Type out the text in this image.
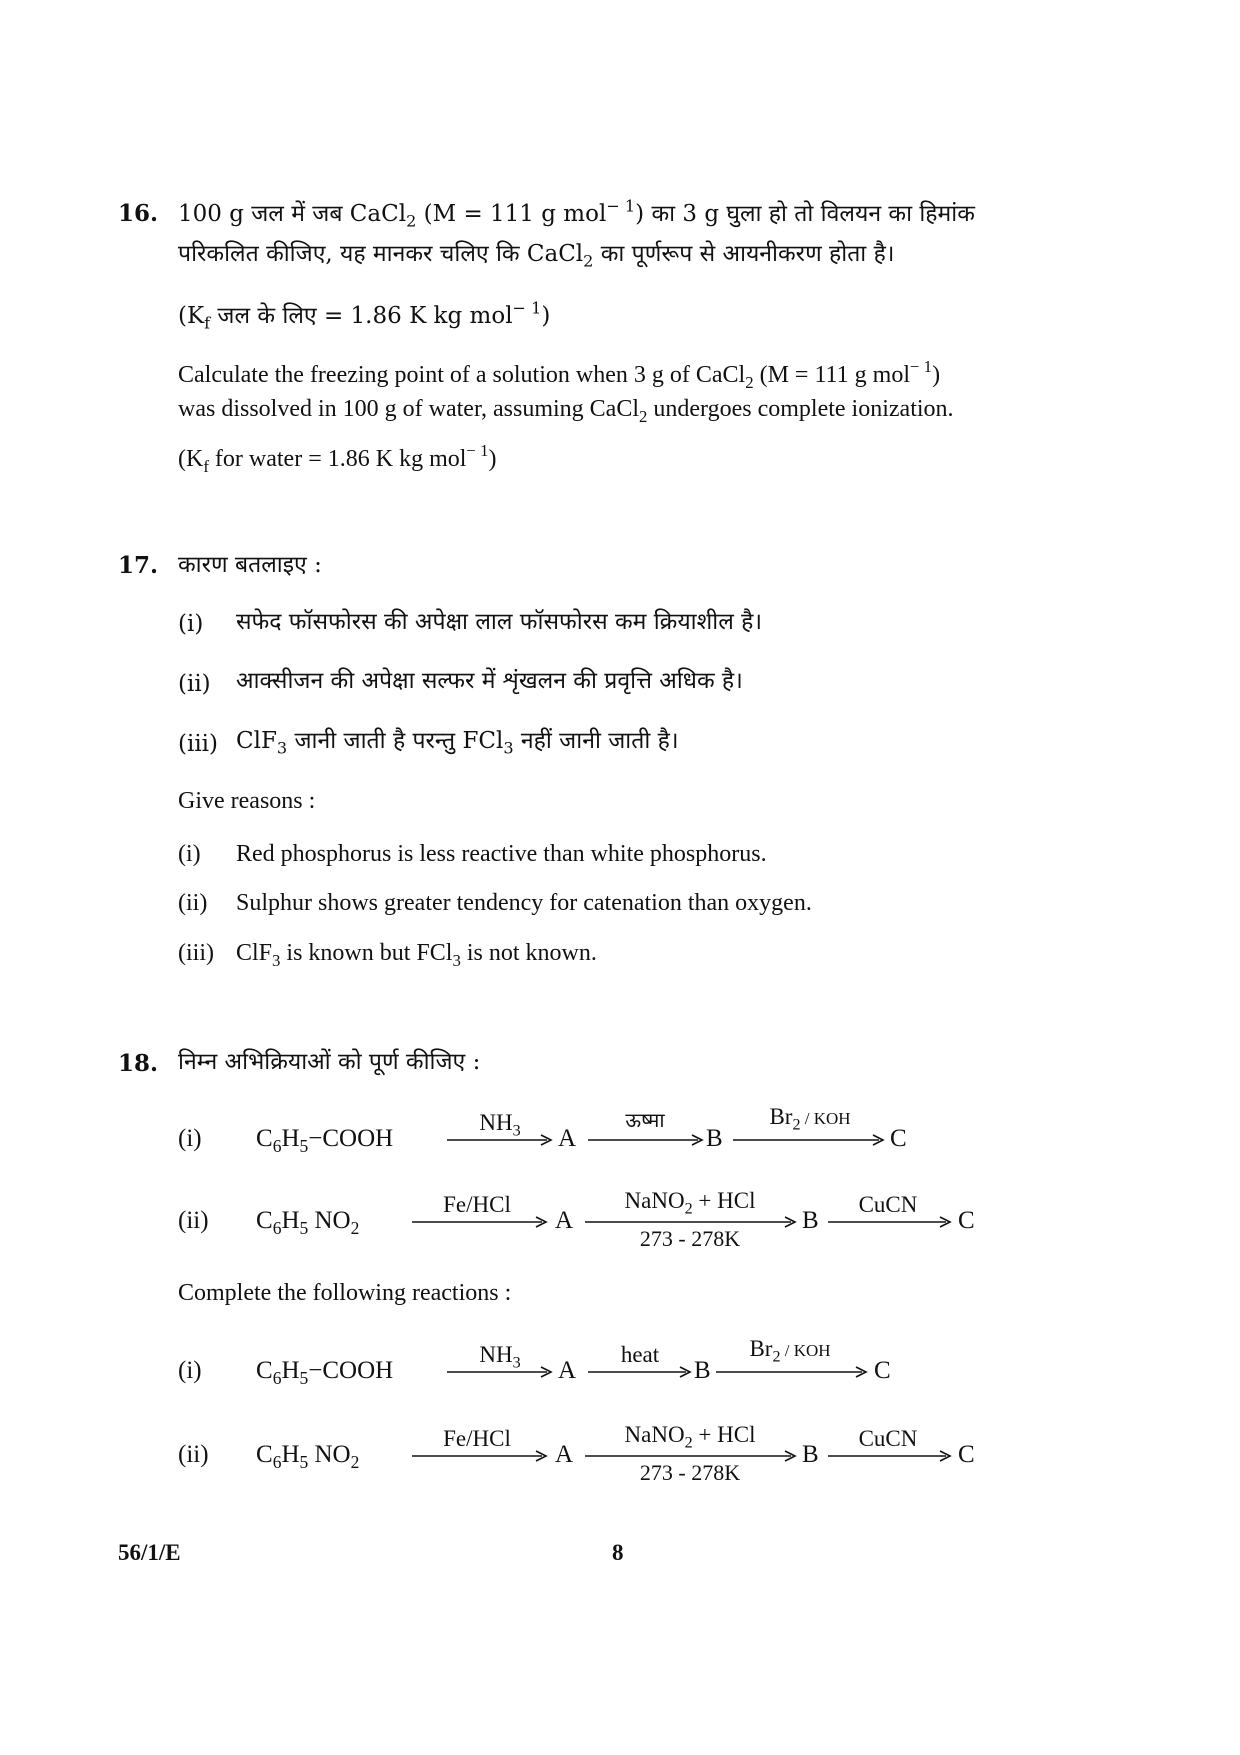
16. 100 g जल में जब CaCl$_2$ (M = 111 g mol$^{- 1}$) का 3 g घुला हो तो विलयन का हिमांक
परिकलित कीजिए, यह मानकर चलिए कि CaCl$_2$ का पूर्णरूप से आयनीकरण होता है।
($K_f$ जल के लिए = 1.86 K kg mol$^{- 1}$)
Calculate the freezing point of a solution when 3 g of CaCl$_2$ (M = 111 g mol$^{- 1}$)
was dissolved in 100 g of water, assuming CaCl$_2$ undergoes complete ionization.
($K_f$ for water = 1.86 K kg mol$^{- 1}$)
17. कारण बतलाइए :
(i) सफेद फॉसफोरस की अपेक्षा लाल फॉसफोरस कम क्रियाशील है।
(ii) आक्सीजन की अपेक्षा सल्फर में शृंखलन की प्रवृत्ति अधिक है।
(iii) ClF$_3$ जानी जाती है परन्तु FCl$_3$ नहीं जानी जाती है।
Give reasons :
(i) Red phosphorus is less reactive than white phosphorus.
(ii) Sulphur shows greater tendency for catenation than oxygen.
(iii) ClF$_3$ is known but FCl$_3$ is not known.
18. निम्न अभिक्रियाओं को पूर्ण कीजिए :
(i) $C_6H_5-COOH$
$NH_3$	A
ऊष्मा
B
$Br_2$ / KOH
C
(ii) $C_6H_5$ $NO_2$
Fe/HCl
A
NaNO$_2$ + HCl
273 - 278K
B
CuCN
C
Complete the following reactions :
(i) $C_6H_5-COOH$
$NH_3$	A
heat
B
$Br_2$ / KOH
C
(ii) $C_6H_5$ $NO_2$
Fe/HCl
A
NaNO$_2$ + HCl
273 - 278K
B
CuCN
C
56/1/E	8
